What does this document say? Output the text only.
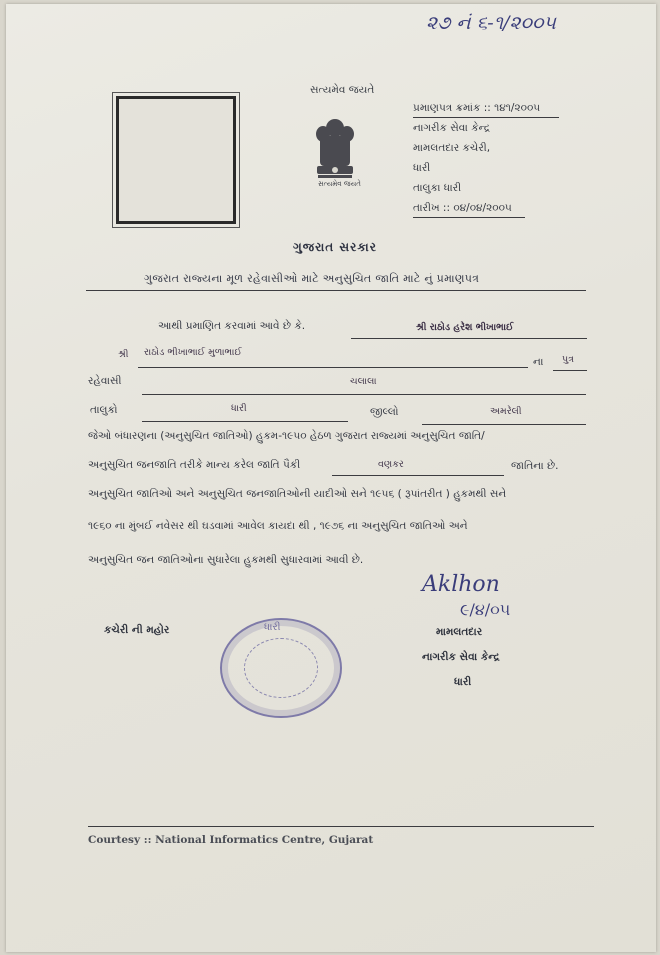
૨૭ નં ૬-૧/૨૦૦૫
સત્યમેવ જયતે
સત્યમેવ જયતે
પ્રમાણપત્ર ક્રમાંક :: ૧૪૧/૨૦૦૫
નાગરીક સેવા કેન્દ્ર
મામલતદાર કચેરી,
ધારી
તાલુકા ધારી
તારીખ :: ૦૪/૦૪/૨૦૦૫
ગુજરાત સરકાર
ગુજરાત રાજ્યના મૂળ રહેવાસીઓ માટે અનુસુચિત જાતિ માટે નું પ્રમાણપત્ર
આથી પ્રમાણિત કરવામાં આવે છે કે.	શ્રી રાઠોડ હરેશ ભીખાભાઈ
શ્રી રાઠોડ ભીખાભાઈ મુળાભાઈ
ના પુત્ર
રહેવાસી	ચલાલા
તાલુકો	ધારી	જીલ્લો	અમરેલી
જેઓ બંધારણના (અનુસુચિત જાતિઓ) હુકમ-૧૯૫૦ હેઠળ ગુજરાત રાજ્યમાં અનુસુચિત જાતિ/
અનુસુચિત જનજાતિ તરીકે માન્ય કરેલ જાતિ પૈકી	વણકર	જાતિના છે.
અનુસુચિત જાતિઓ અને અનુસુચિત જનજાતિઓની યાદીઓ સને ૧૯૫૬ ( રૂપાંતરીત ) હુકમથી સને
૧૯૬૦ ના મુંબઈ નવેસર થી ઘડવામાં આવેલ કાયદા થી , ૧૯૭૬ ના અનુસુચિત જાતિઓ અને
અનુસુચિત જન જાતિઓના સુધારેલા હુકમથી સુધારવામાં આવી છે.
Aklhon
૯/૪/૦૫
કચેરી ની મહોર	ધારી	મામલતદાર
નાગરીક સેવા કેન્દ્ર
ધારી
Courtesy :: National Informatics Centre, Gujarat
